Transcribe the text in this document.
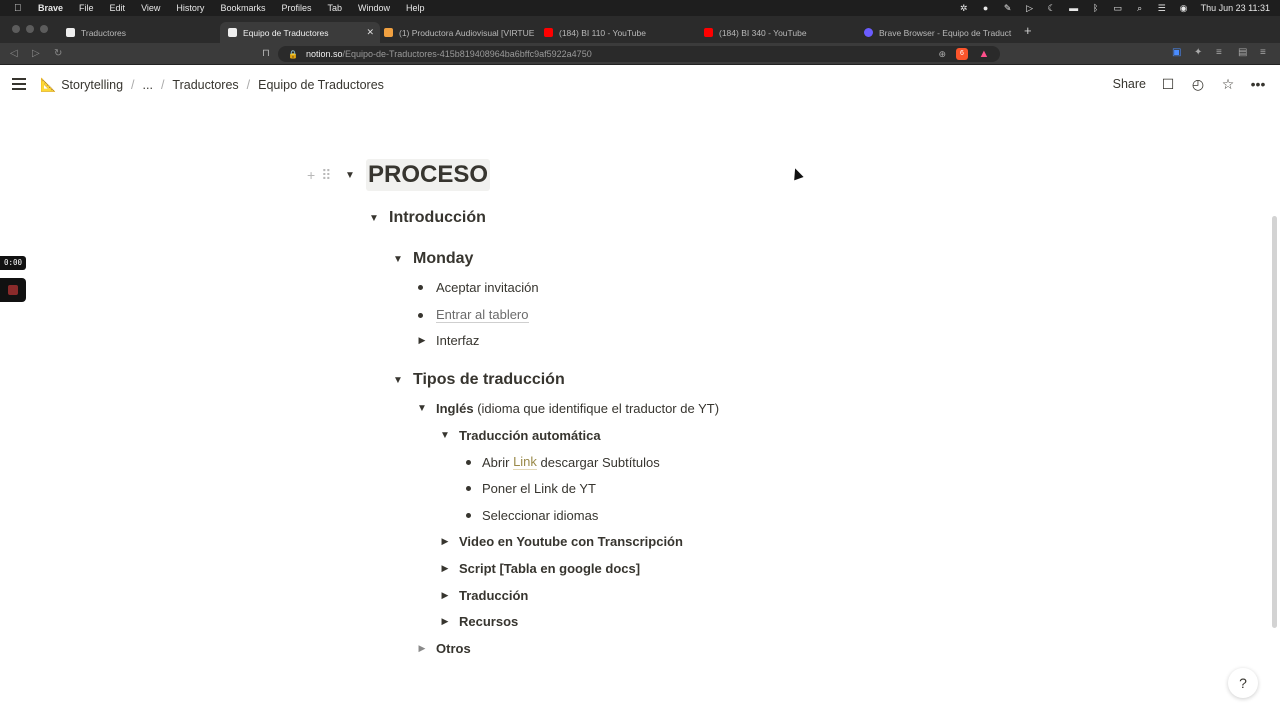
Brave File Edit View History Bookmarks Profiles Tab Window Help	✲ ● ✎ ▷ ☾ ▬ ᛒ ▭ ⌕ ☰ ◉ Thu Jun 23 11:31
Traductores	Equipo de Traductores	✕	(1) Productora Audiovisual [VIRTUE	(184) BI 110 - YouTube	(184) BI 340 - YouTube	Brave Browser - Equipo de Traduct +
◁ ▷ ↻	⊓ 🔒 notion.so /Equipo-de-Traductores-415b819408964ba6bffc9af5922a4750	⊕	6	▲	▣ ✦ ≡ ▤ ≡
📐 Storytelling / ... / Traductores / Equipo de Traductores	Share ☐ ◴ ☆ •••
0:00
+ ⠿ ▼ PROCESO
▼ Introducción
▼ Monday
Aceptar invitación
Entrar al tablero
▶ Interfaz
▼ Tipos de traducción
▼ Inglés (idioma que identifique el traductor de YT)
▼ Traducción automática
Abrir Link descargar Subtítulos
Poner el Link de YT
Seleccionar idiomas
▶ Video en Youtube con Transcripción
▶ Script [Tabla en google docs]
▶ Traducción
▶ Recursos
▶ Otros
?
